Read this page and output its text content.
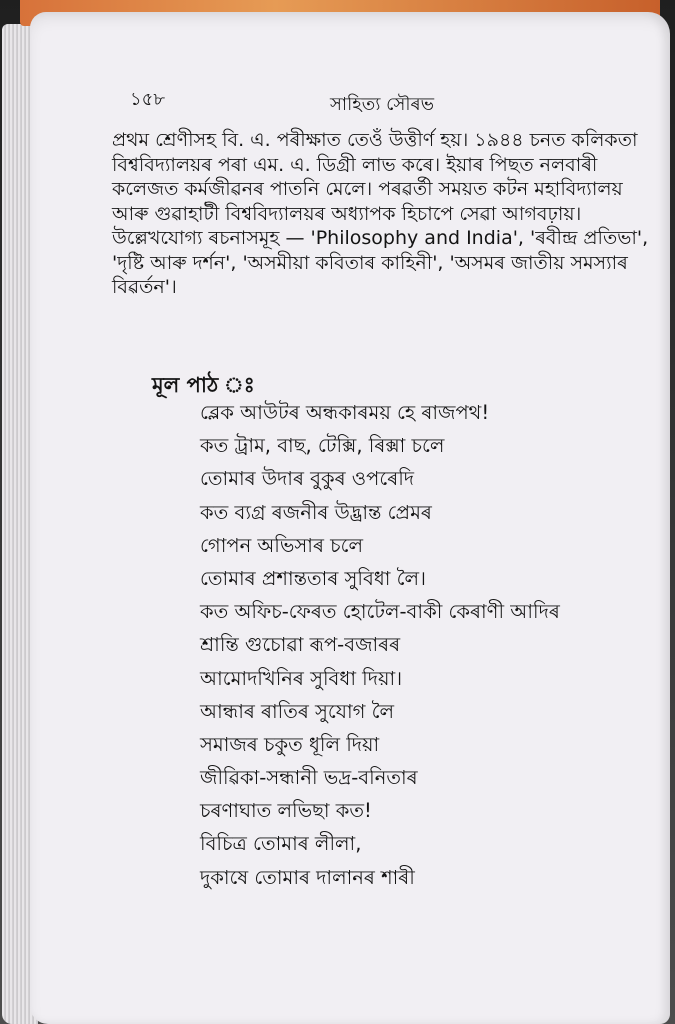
১৫৮	সাহিত্য সৌৰভ
প্ৰথম শ্ৰেণীসহ বি. এ. পৰীক্ষাত তেওঁ উত্তীৰ্ণ হয়। ১৯৪৪ চনত কলিকতা
বিশ্ববিদ্যালয়ৰ পৰা এম. এ. ডিগ্ৰী লাভ কৰে। ইয়াৰ পিছত নলবাৰী
কলেজত কৰ্মজীৱনৰ পাতনি মেলে। পৰৱৰ্তী সময়ত কটন মহাবিদ্যালয়
আৰু গুৱাহাটী বিশ্ববিদ্যালয়ৰ অধ্যাপক হিচাপে সেৱা আগবঢ়ায়।
উল্লেখযোগ্য ৰচনাসমূহ — 'Philosophy and India', 'ৰবীন্দ্ৰ প্ৰতিভা',
'দৃষ্টি আৰু দৰ্শন', 'অসমীয়া কবিতাৰ কাহিনী', 'অসমৰ জাতীয় সমস্যাৰ
বিৱৰ্তন'।
মূল পাঠ ঃ
ব্লেক আউটৰ অন্ধকাৰময় হে ৰাজপথ!
কত ট্ৰাম, বাছ, টেক্সি, ৰিক্সা চলে
তোমাৰ উদাৰ বুকুৰ ওপৰেদি
কত ব্যগ্ৰ ৰজনীৰ উদ্ভ্ৰান্ত প্ৰেমৰ
গোপন অভিসাৰ চলে
তোমাৰ প্ৰশান্ততাৰ সুবিধা লৈ।
কত অফিচ-ফেৰত হোটেল-বাকী কেৰাণী আদিৰ
শ্ৰান্তি গুচোৱা ৰূপ-বজাৰৰ
আমোদখিনিৰ সুবিধা দিয়া।
আন্ধাৰ ৰাতিৰ সুযোগ লৈ
সমাজৰ চকুত ধূলি দিয়া
জীৱিকা-সন্ধানী ভদ্ৰ-বনিতাৰ
চৰণাঘাত লভিছা কত!
বিচিত্ৰ তোমাৰ লীলা,
দুকাষে তোমাৰ দালানৰ শাৰী
